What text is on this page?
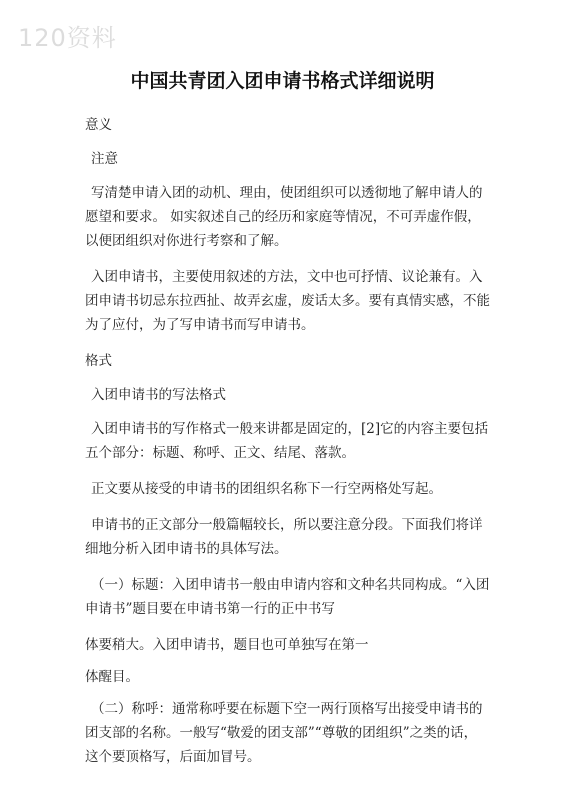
120资料
中国共青团入团申请书格式详细说明

意义

注意

写清楚申请入团的动机、理由，使团组织可以透彻地了解申请人的愿望和要求。 如实叙述自己的经历和家庭等情况，不可弄虚作假，以便团组织对你进行考察和了解。

入团申请书，主要使用叙述的方法，文中也可抒情、议论兼有。入团申请书切忌东拉西扯、故弄玄虚，废话太多。要有真情实感，不能为了应付，为了写申请书而写申请书。

格式

入团申请书的写法格式

入团申请书的写作格式一般来讲都是固定的，[2]它的内容主要包括五个部分：标题、称呼、正文、结尾、落款。

正文要从接受的申请书的团组织名称下一行空两格处写起。

申请书的正文部分一般篇幅较长，所以要注意分段。下面我们将详细地分析入团申请书的具体写法。

（一）标题：入团申请书一般由申请内容和文种名共同构成。“入团申请书”题目要在申请书第一行的正中书写

体要稍大。入团申请书，题目也可单独写在第一

体醒目。

（二）称呼：通常称呼要在标题下空一两行顶格写出接受申请书的团支部的名称。一般写“敬爱的团支部”“尊敬的团组织”之类的话，这个要顶格写，后面加冒号。
